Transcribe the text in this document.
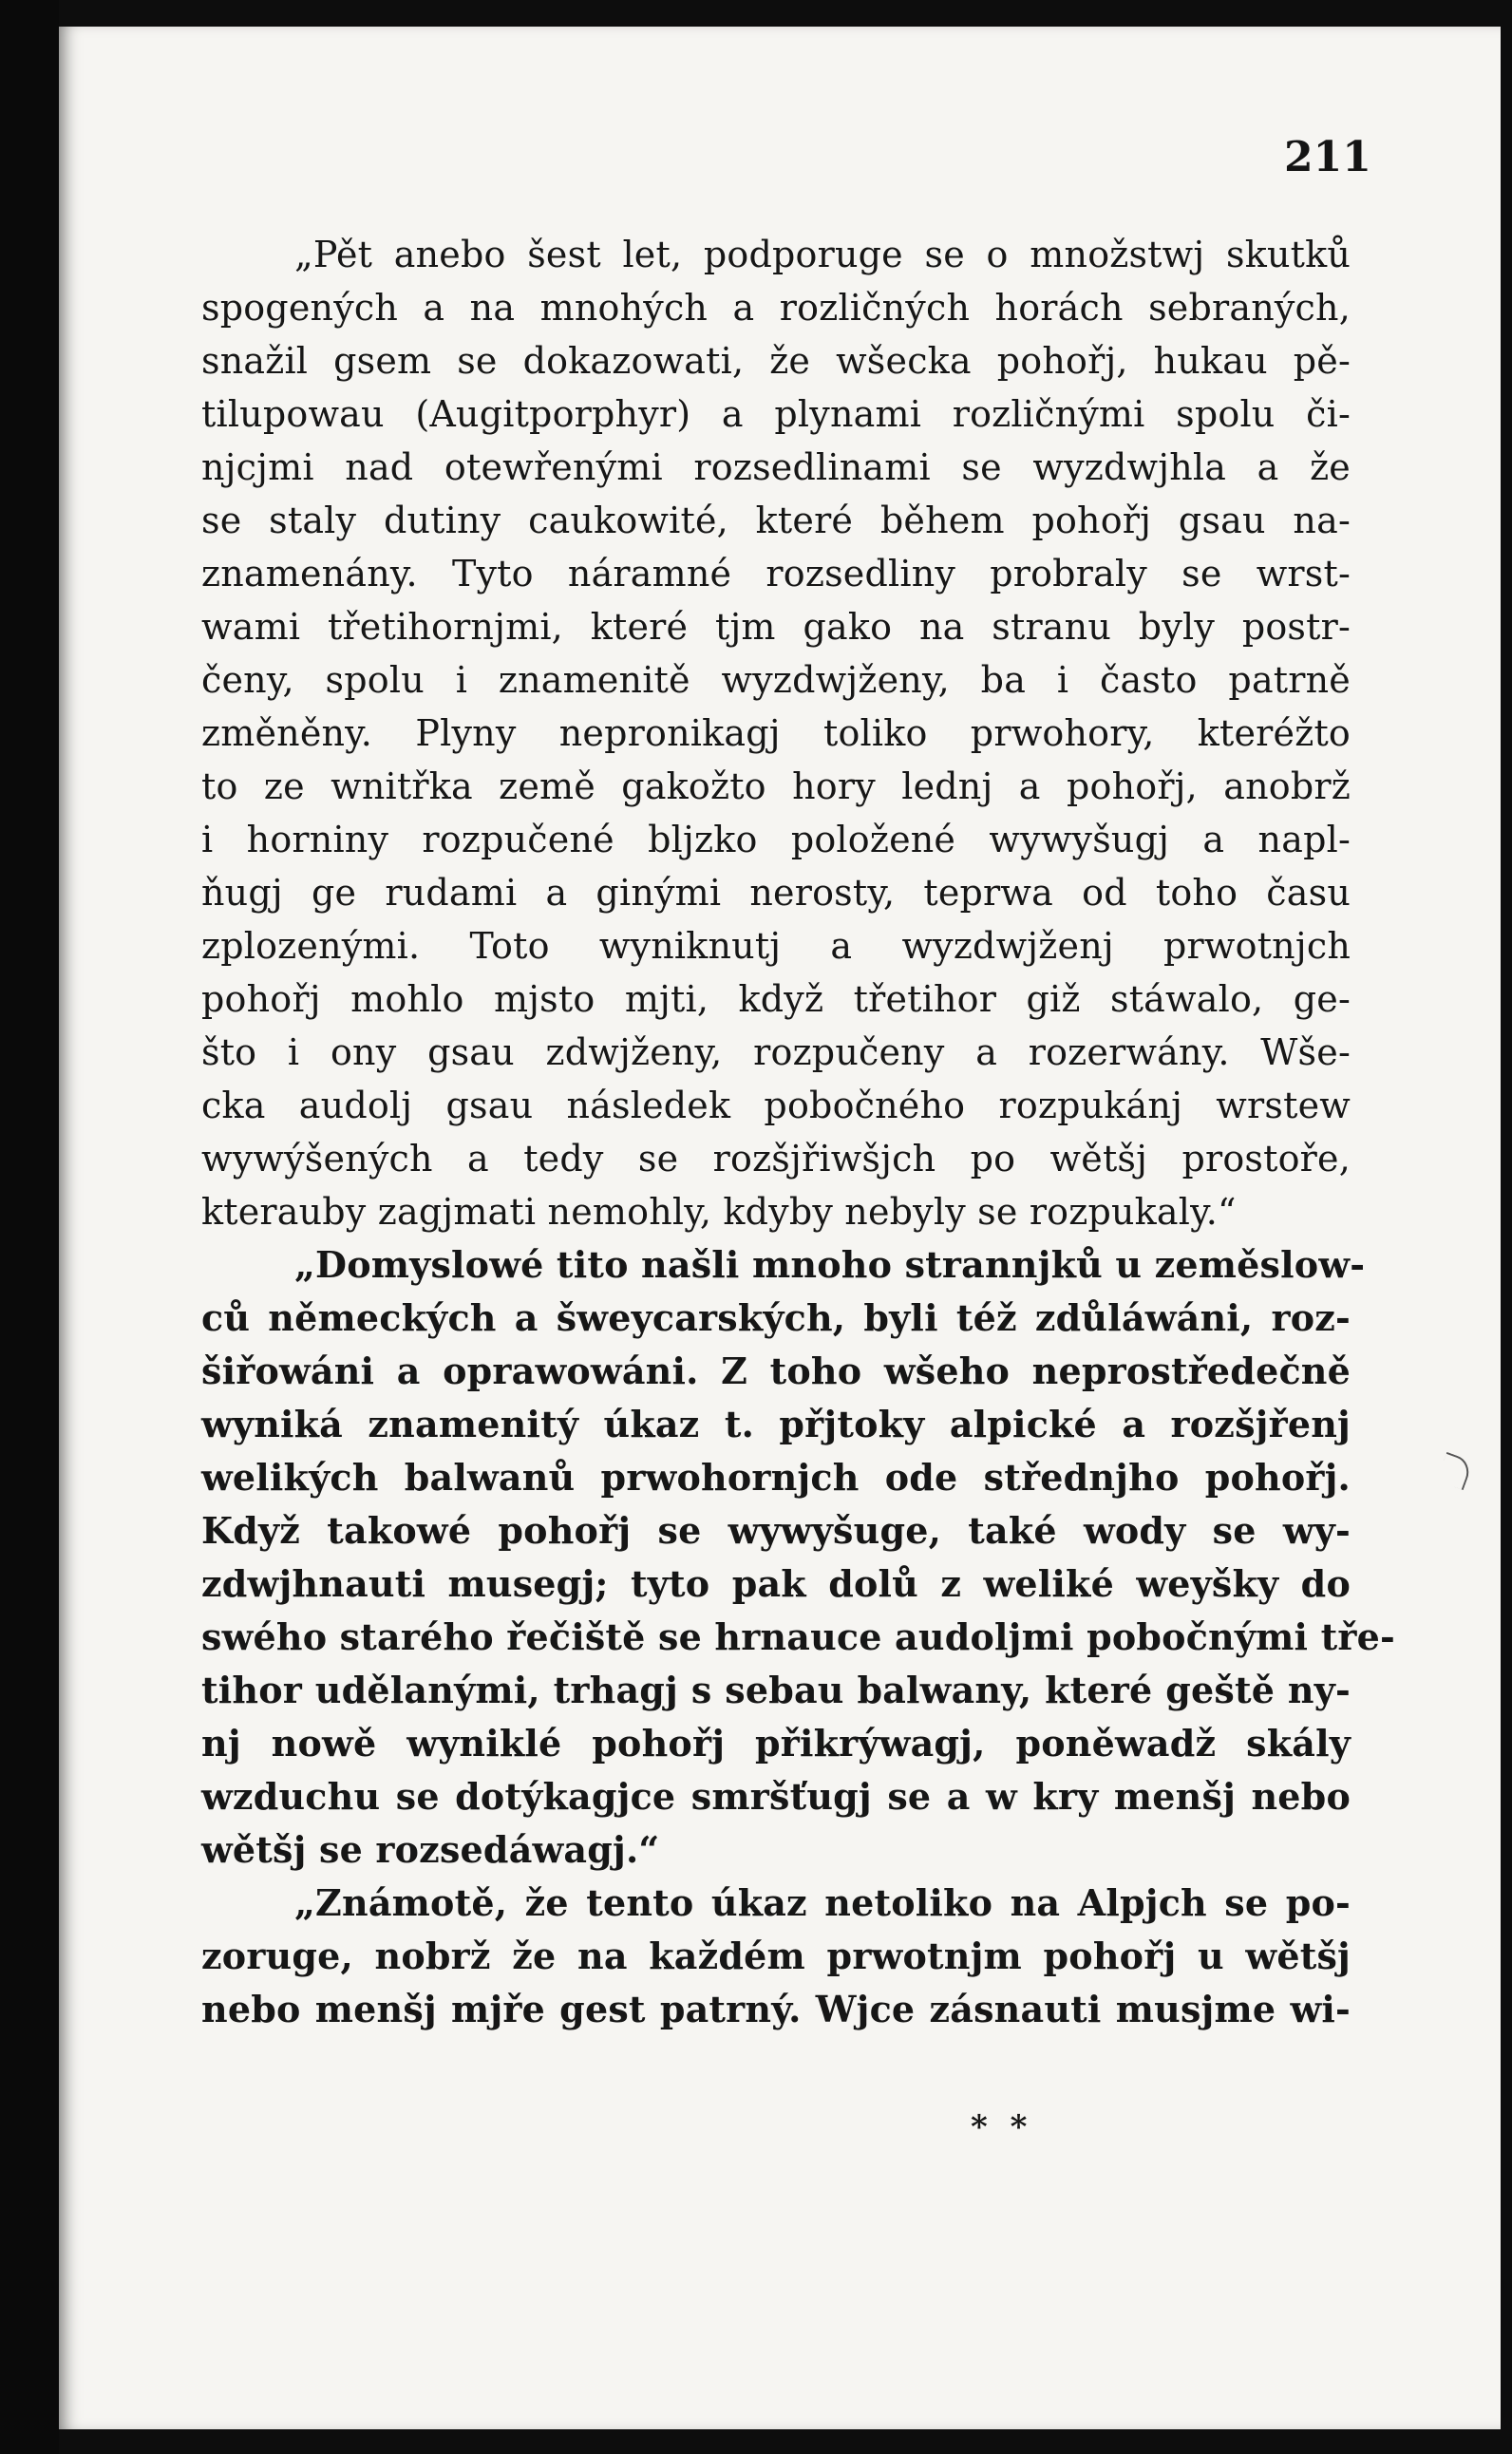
211
„Pět anebo šest let, podporuge se o množstwj skutků
spogených a na mnohých a rozličných horách sebraných,
snažil gsem se dokazowati, že wšecka pohořj, hukau pě-
tilupowau (Augitporphyr) a plynami rozličnými spolu či-
njcjmi nad otewřenými rozsedlinami se wyzdwjhla a že
se staly dutiny caukowité, které během pohořj gsau na-
znamenány. Tyto náramné rozsedliny probraly se wrst-
wami třetihornjmi, které tjm gako na stranu byly postr-
čeny, spolu i znamenitě wyzdwjženy, ba i často patrně
změněny. Plyny nepronikagj toliko prwohory, kteréžto
to ze wnitřka země gakožto hory lednj a pohořj, anobrž
i horniny rozpučené bljzko položené wywyšugj a napl-
ňugj ge rudami a ginými nerosty, teprwa od toho času
zplozenými. Toto wyniknutj a wyzdwjženj prwotnjch
pohořj mohlo mjsto mjti, když třetihor giž stáwalo, ge-
što i ony gsau zdwjženy, rozpučeny a rozerwány. Wše-
cka audolj gsau následek pobočného rozpukánj wrstew
wywýšených a tedy se rozšjřiwšjch po wětšj prostoře,
kterauby zagjmati nemohly, kdyby nebyly se rozpukaly.“
„Domyslowé tito našli mnoho strannjků u zeměslow-
ců německých a šweycarských, byli též zdůláwáni, roz-
šiřowáni a oprawowáni. Z toho wšeho neprostředečně
wyniká znamenitý úkaz t. přjtoky alpické a rozšjřenj
welikých balwanů prwohornjch ode střednjho pohořj.
Když takowé pohořj se wywyšuge, také wody se wy-
zdwjhnauti musegj; tyto pak dolů z weliké weyšky do
swého starého řečiště se hrnauce audoljmi pobočnými tře-
tihor udělanými, trhagj s sebau balwany, které geště ny-
nj nowě wyniklé pohořj přikrýwagj, poněwadž skály
wzduchu se dotýkagjce smršťugj se a w kry menšj nebo
wětšj se rozsedáwagj.“
„Známotě, že tento úkaz netoliko na Alpjch se po-
zoruge, nobrž že na každém prwotnjm pohořj u wětšj
nebo menšj mjře gest patrný. Wjce zásnauti musjme wi-
* *
